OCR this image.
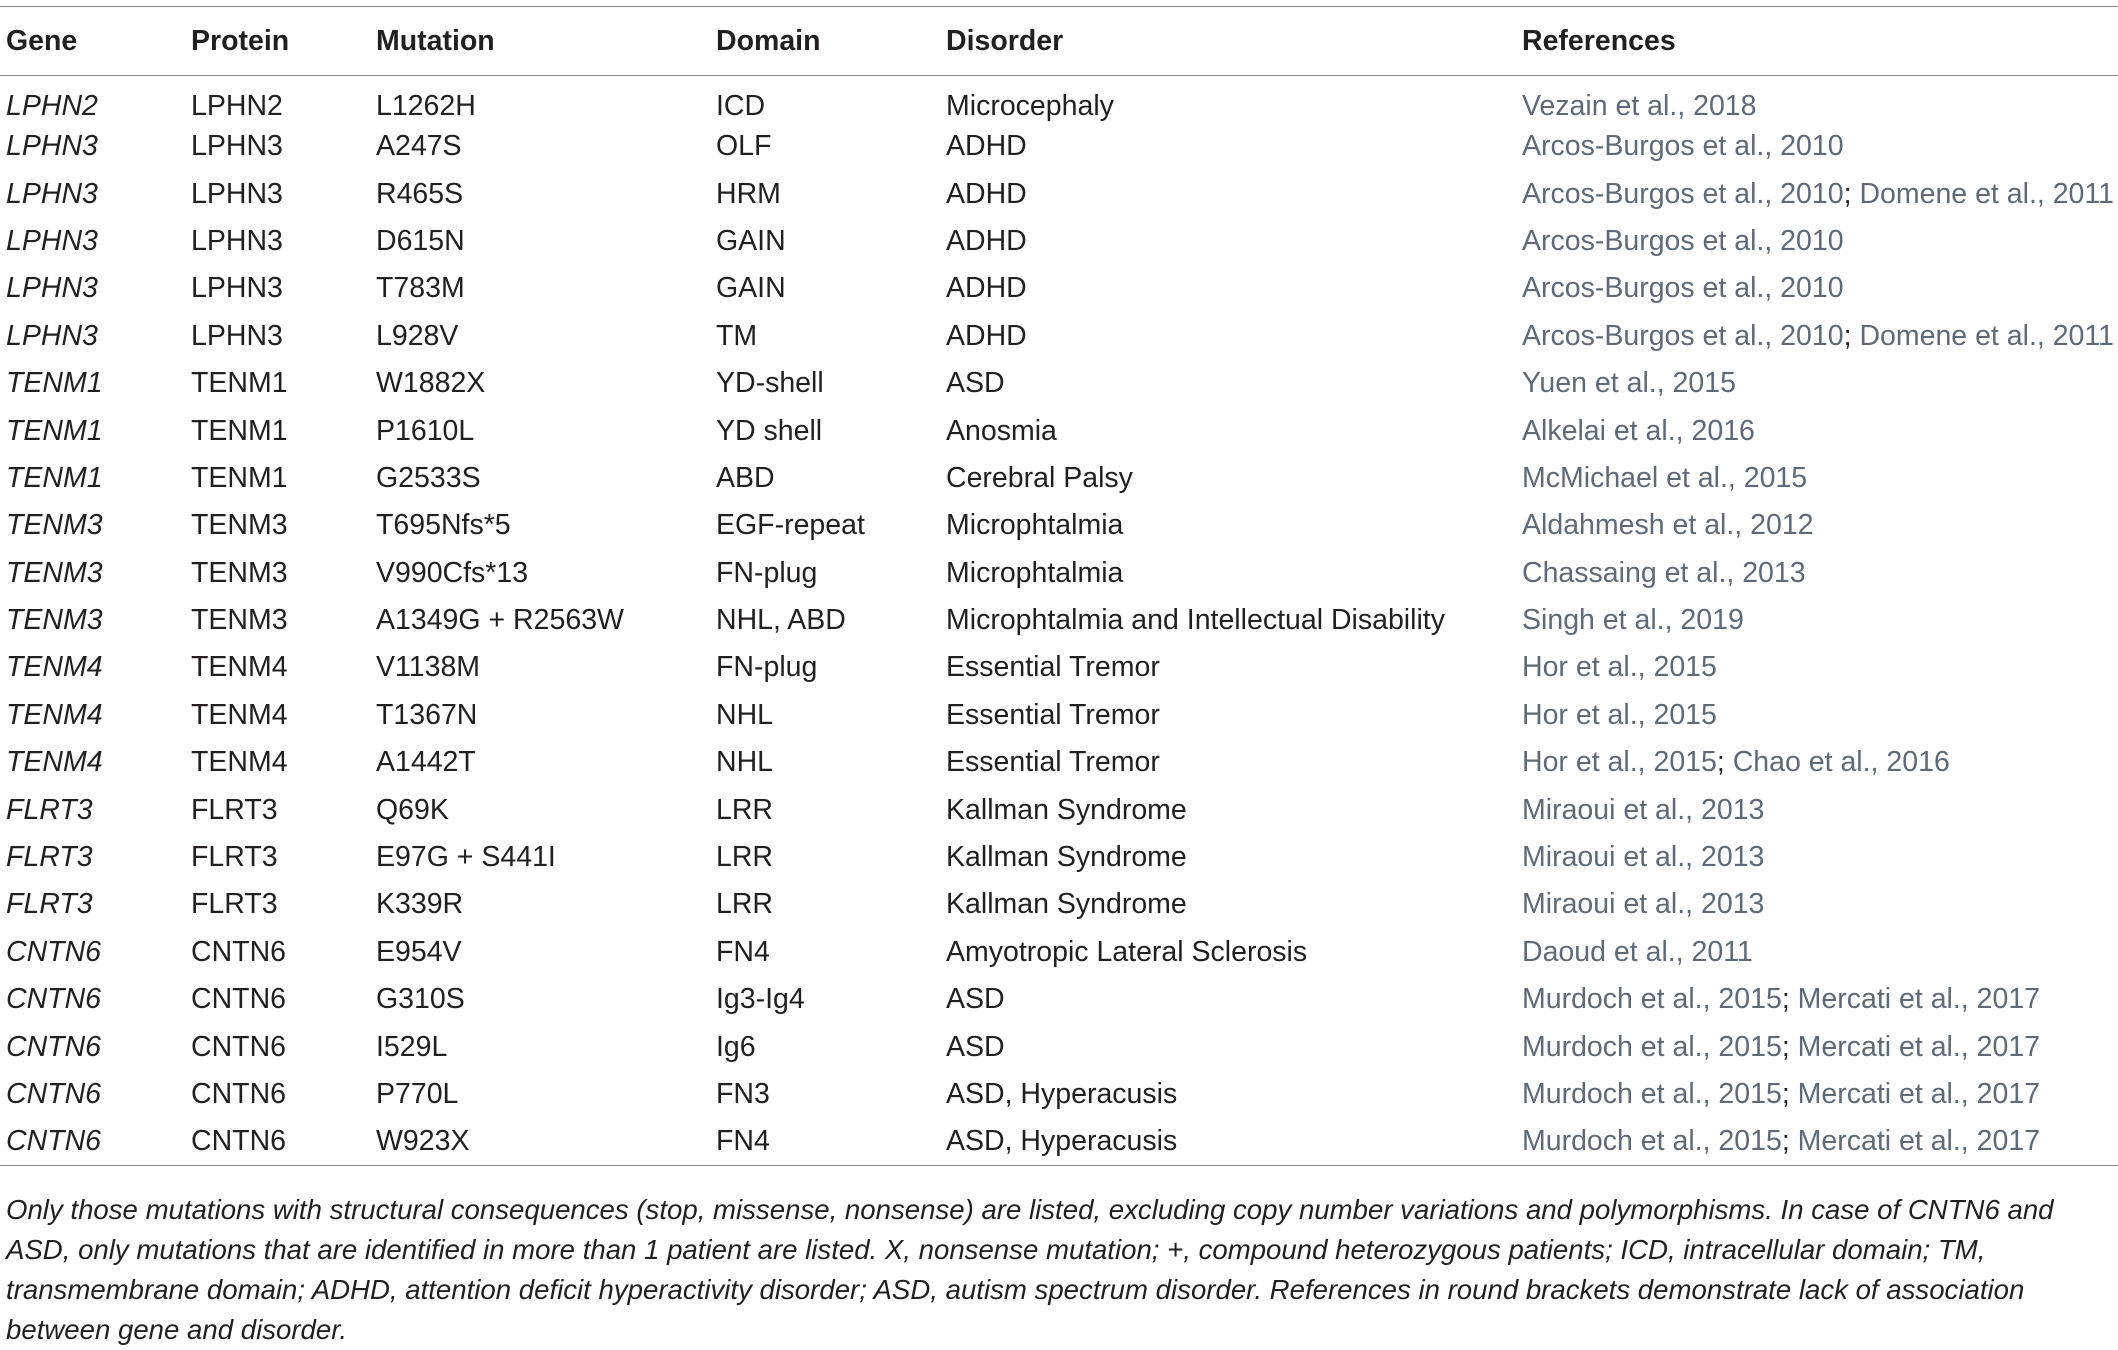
Gene	Protein	Mutation	Domain	Disorder	References
LPHN2	LPHN2	L1262H	ICD	Microcephaly	Vezain et al., 2018
LPHN3	LPHN3	A247S	OLF	ADHD	Arcos-Burgos et al., 2010
LPHN3	LPHN3	R465S	HRM	ADHD	Arcos-Burgos et al., 2010; Domene et al., 2011
LPHN3	LPHN3	D615N	GAIN	ADHD	Arcos-Burgos et al., 2010
LPHN3	LPHN3	T783M	GAIN	ADHD	Arcos-Burgos et al., 2010
LPHN3	LPHN3	L928V	TM	ADHD	Arcos-Burgos et al., 2010; Domene et al., 2011
TENM1	TENM1	W1882X	YD-shell	ASD	Yuen et al., 2015
TENM1	TENM1	P1610L	YD shell	Anosmia	Alkelai et al., 2016
TENM1	TENM1	G2533S	ABD	Cerebral Palsy	McMichael et al., 2015
TENM3	TENM3	T695Nfs*5	EGF-repeat	Microphtalmia	Aldahmesh et al., 2012
TENM3	TENM3	V990Cfs*13	FN-plug	Microphtalmia	Chassaing et al., 2013
TENM3	TENM3	A1349G + R2563W	NHL, ABD	Microphtalmia and Intellectual Disability	Singh et al., 2019
TENM4	TENM4	V1138M	FN-plug	Essential Tremor	Hor et al., 2015
TENM4	TENM4	T1367N	NHL	Essential Tremor	Hor et al., 2015
TENM4	TENM4	A1442T	NHL	Essential Tremor	Hor et al., 2015; Chao et al., 2016
FLRT3	FLRT3	Q69K	LRR	Kallman Syndrome	Miraoui et al., 2013
FLRT3	FLRT3	E97G + S441I	LRR	Kallman Syndrome	Miraoui et al., 2013
FLRT3	FLRT3	K339R	LRR	Kallman Syndrome	Miraoui et al., 2013
CNTN6	CNTN6	E954V	FN4	Amyotropic Lateral Sclerosis	Daoud et al., 2011
CNTN6	CNTN6	G310S	Ig3-Ig4	ASD	Murdoch et al., 2015; Mercati et al., 2017
CNTN6	CNTN6	I529L	Ig6	ASD	Murdoch et al., 2015; Mercati et al., 2017
CNTN6	CNTN6	P770L	FN3	ASD, Hyperacusis	Murdoch et al., 2015; Mercati et al., 2017
CNTN6	CNTN6	W923X	FN4	ASD, Hyperacusis	Murdoch et al., 2015; Mercati et al., 2017
Only those mutations with structural consequences (stop, missense, nonsense) are listed, excluding copy number variations and polymorphisms. In case of CNTN6 and ASD, only mutations that are identified in more than 1 patient are listed. X, nonsense mutation; +, compound heterozygous patients; ICD, intracellular domain; TM, transmembrane domain; ADHD, attention deficit hyperactivity disorder; ASD, autism spectrum disorder. References in round brackets demonstrate lack of association between gene and disorder.
